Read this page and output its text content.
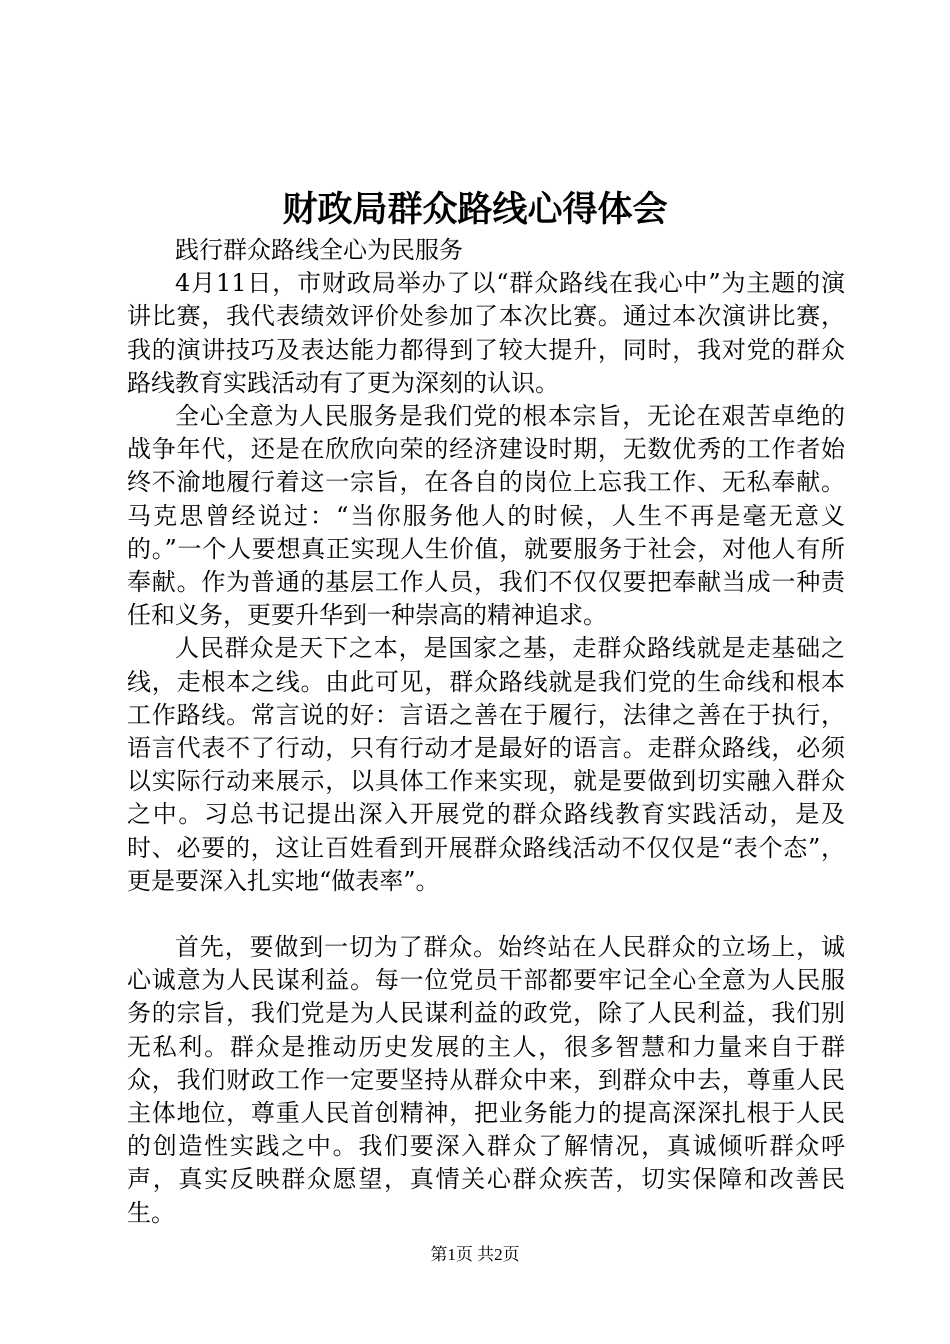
财政局群众路线心得体会

践行群众路线全心为民服务

4月11日，市财政局举办了以“群众路线在我心中”为主题的演讲比赛，我代表绩效评价处参加了本次比赛。通过本次演讲比赛，我的演讲技巧及表达能力都得到了较大提升，同时，我对党的群众路线教育实践活动有了更为深刻的认识。

全心全意为人民服务是我们党的根本宗旨，无论在艰苦卓绝的战争年代，还是在欣欣向荣的经济建设时期，无数优秀的工作者始终不渝地履行着这一宗旨，在各自的岗位上忘我工作、无私奉献。马克思曾经说过：“当你服务他人的时候，人生不再是毫无意义的。”一个人要想真正实现人生价值，就要服务于社会，对他人有所奉献。作为普通的基层工作人员，我们不仅仅要把奉献当成一种责任和义务，更要升华到一种崇高的精神追求。

人民群众是天下之本，是国家之基，走群众路线就是走基础之线，走根本之线。由此可见，群众路线就是我们党的生命线和根本工作路线。常言说的好：言语之善在于履行，法律之善在于执行，语言代表不了行动，只有行动才是最好的语言。走群众路线，必须以实际行动来展示，以具体工作来实现，就是要做到切实融入群众之中。习总书记提出深入开展党的群众路线教育实践活动，是及时、必要的，这让百姓看到开展群众路线活动不仅仅是“表个态”，更是要深入扎实地“做表率”。

首先，要做到一切为了群众。始终站在人民群众的立场上，诚心诚意为人民谋利益。每一位党员干部都要牢记全心全意为人民服务的宗旨，我们党是为人民谋利益的政党，除了人民利益，我们别无私利。群众是推动历史发展的主人，很多智慧和力量来自于群众，我们财政工作一定要坚持从群众中来，到群众中去，尊重人民主体地位，尊重人民首创精神，把业务能力的提高深深扎根于人民的创造性实践之中。我们要深入群众了解情况，真诚倾听群众呼声，真实反映群众愿望，真情关心群众疾苦，切实保障和改善民生。

第1页 共2页
